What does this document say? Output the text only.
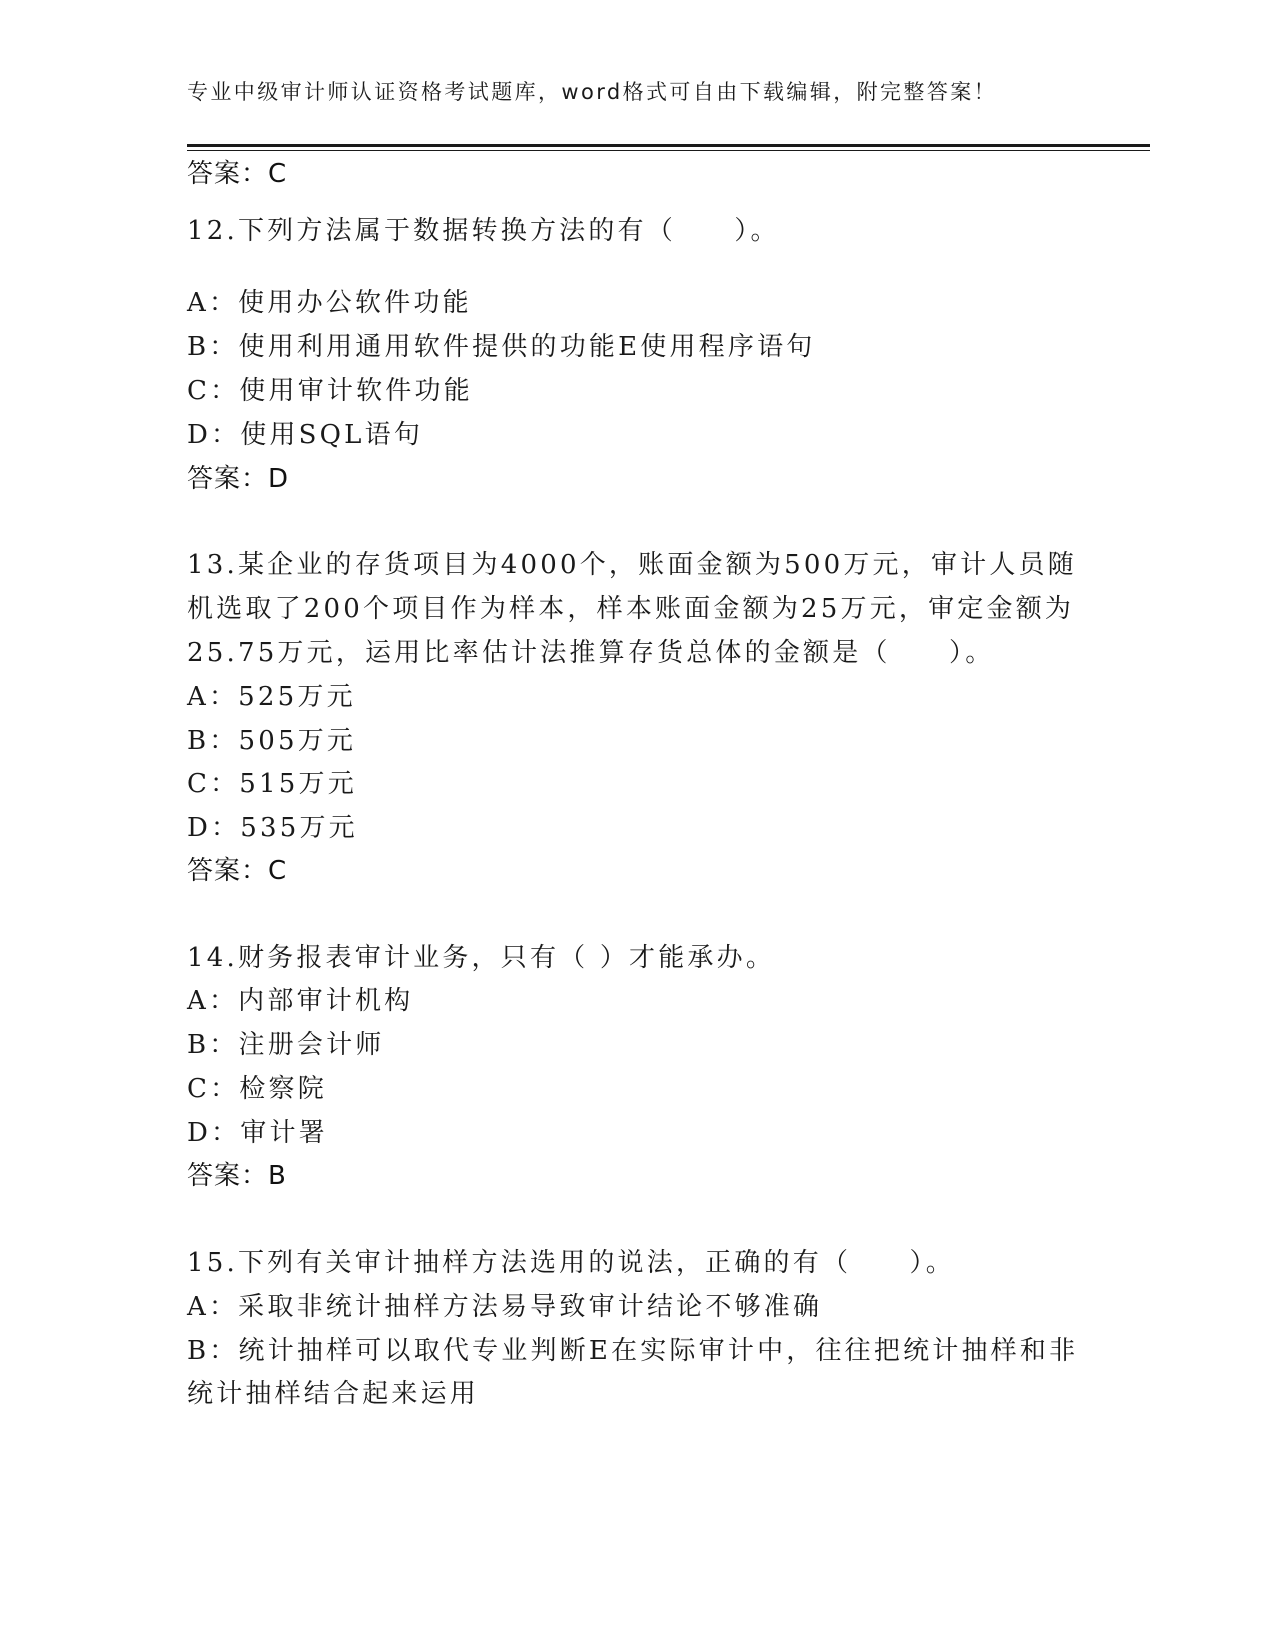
专业中级审计师认证资格考试题库，word格式可自由下载编辑，附完整答案！
答案：C
12.下列方法属于数据转换方法的有（　　）。
A：使用办公软件功能
B：使用利用通用软件提供的功能E使用程序语句
C：使用审计软件功能
D：使用SQL语句
答案：D
13.某企业的存货项目为4000个，账面金额为500万元，审计人员随
机选取了200个项目作为样本，样本账面金额为25万元，审定金额为
25.75万元，运用比率估计法推算存货总体的金额是（　　）。
A：525万元
B：505万元
C：515万元
D：535万元
答案：C
14.财务报表审计业务，只有（ ）才能承办。
A：内部审计机构
B：注册会计师
C：检察院
D：审计署
答案：B
15.下列有关审计抽样方法选用的说法，正确的有（　　）。
A：采取非统计抽样方法易导致审计结论不够准确
B：统计抽样可以取代专业判断E在实际审计中，往往把统计抽样和非
统计抽样结合起来运用
